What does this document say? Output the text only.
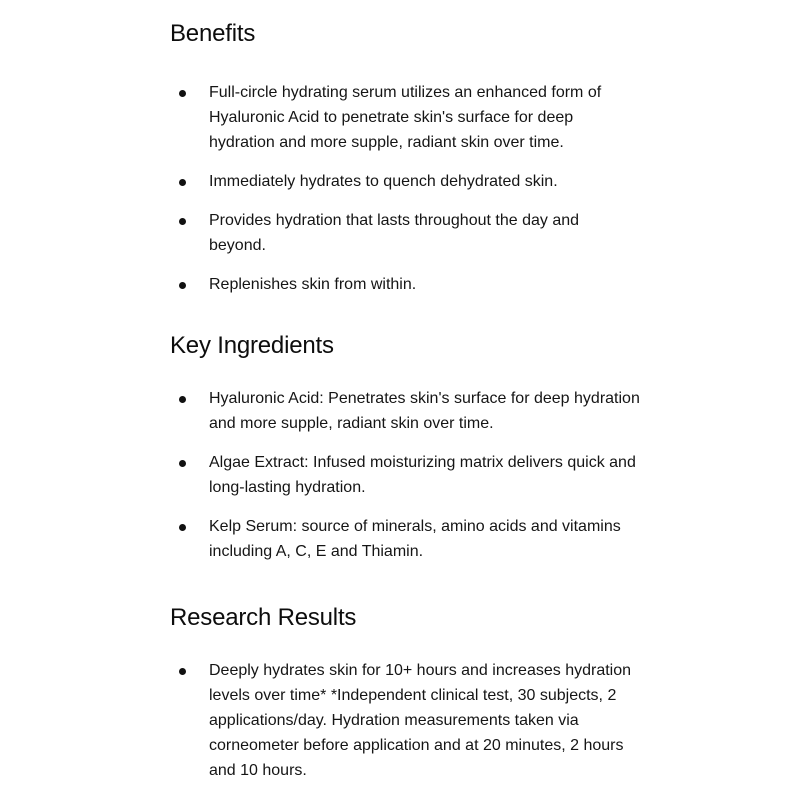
Benefits
Full-circle hydrating serum utilizes an enhanced form of Hyaluronic Acid to penetrate skin's surface for deep hydration and more supple, radiant skin over time.
Immediately hydrates to quench dehydrated skin.
Provides hydration that lasts throughout the day and beyond.
Replenishes skin from within.
Key Ingredients
Hyaluronic Acid: Penetrates skin's surface for deep hydration and more supple, radiant skin over time.
Algae Extract: Infused moisturizing matrix delivers quick and long-lasting hydration.
Kelp Serum: source of minerals, amino acids and vitamins including A, C, E and Thiamin.
Research Results
Deeply hydrates skin for 10+ hours and increases hydration levels over time* *Independent clinical test, 30 subjects, 2 applications/day. Hydration measurements taken via corneometer before application and at 20 minutes, 2 hours and 10 hours.
